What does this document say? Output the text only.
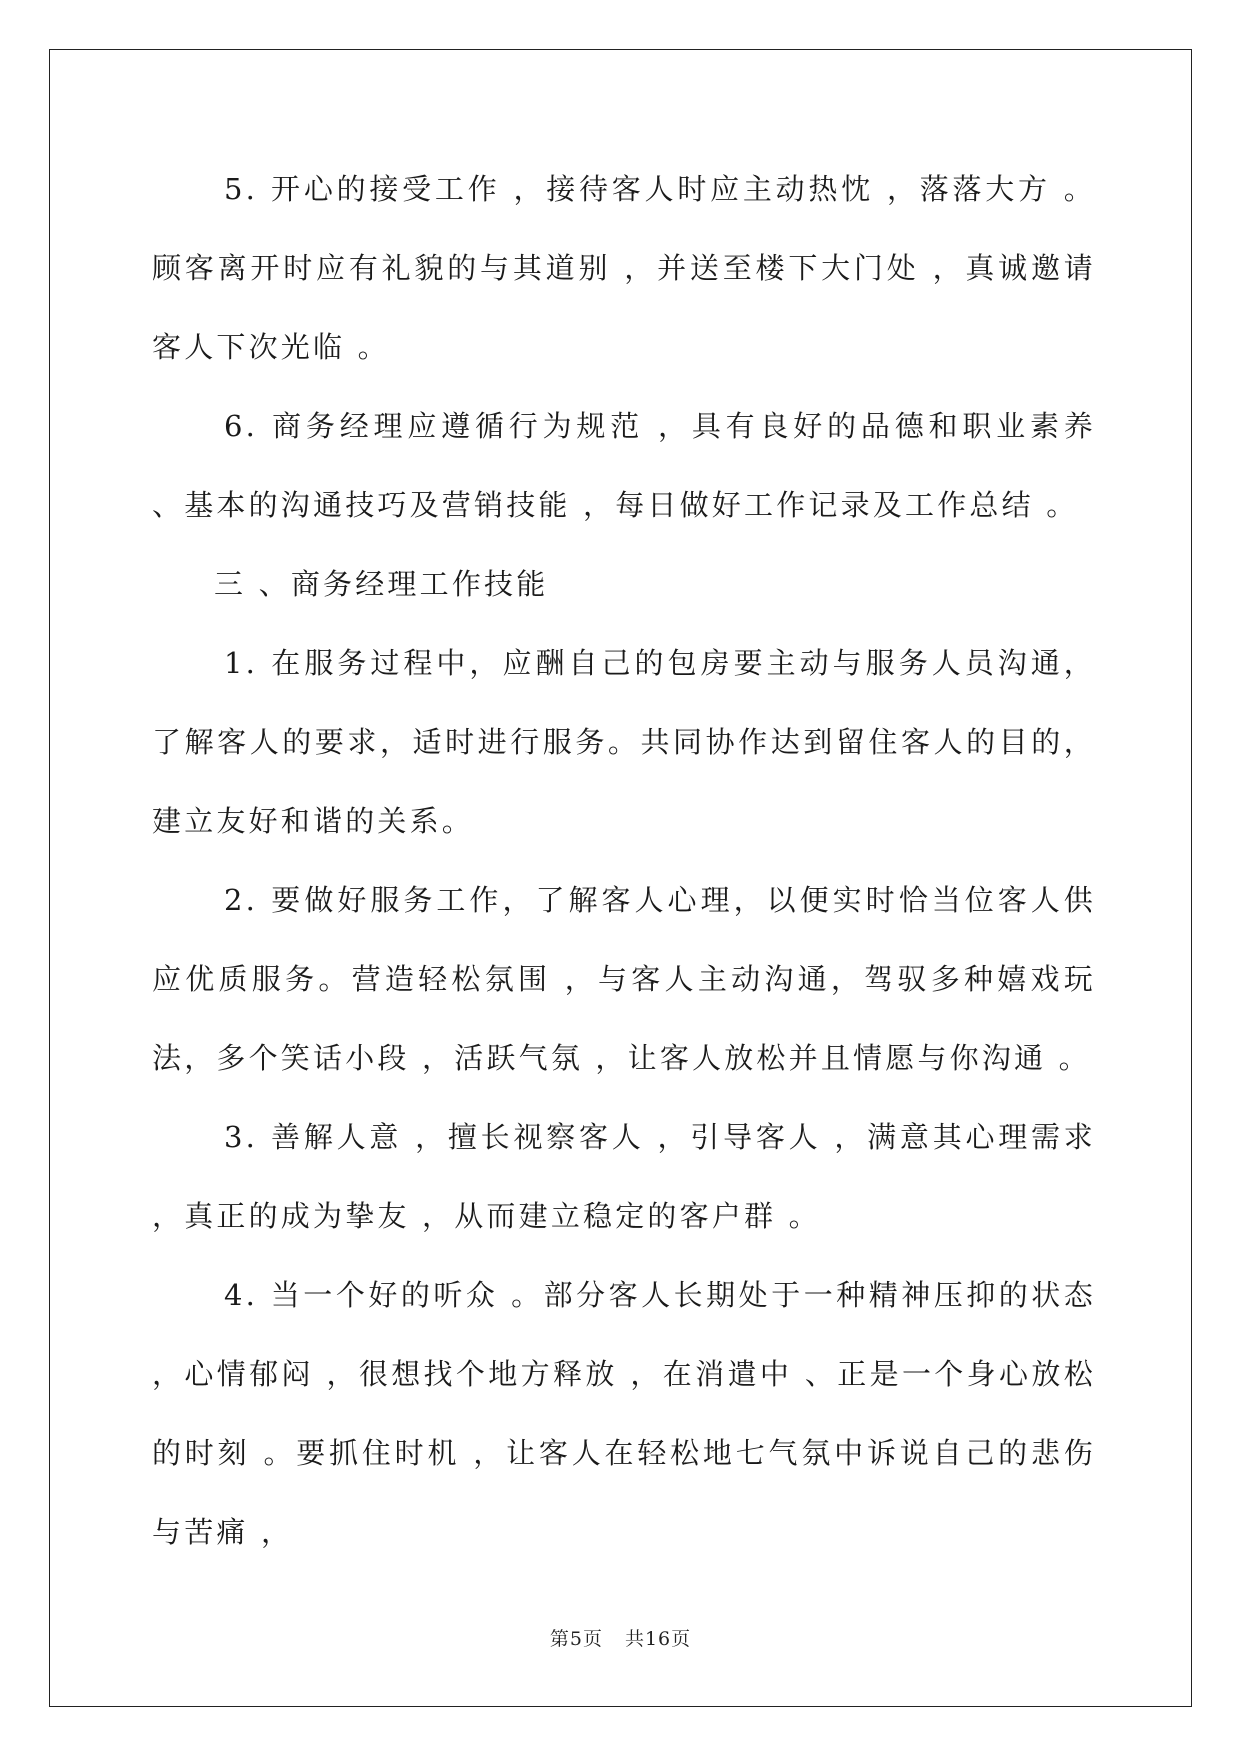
5. 开心的接受工作 ，接待客人时应主动热忱 ，落落大方 。顾客离开时应有礼貌的与其道别 ，并送至楼下大门处 ，真诚邀请客人下次光临 。

6. 商务经理应遵循行为规范 ，具有良好的品德和职业素养 、基本的沟通技巧及营销技能 ，每日做好工作记录及工作总结 。

三 、商务经理工作技能

1. 在服务过程中，应酬自己的包房要主动与服务人员沟通，了解客人的要求，适时进行服务。共同协作达到留住客人的目的，建立友好和谐的关系。

2. 要做好服务工作，了解客人心理，以便实时恰当位客人供应优质服务。营造轻松氛围 ，与客人主动沟通，驾驭多种嬉戏玩法，多个笑话小段 ，活跃气氛 ，让客人放松并且情愿与你沟通 。

3. 善解人意 ，擅长视察客人 ，引导客人 ，满意其心理需求 ，真正的成为挚友 ，从而建立稳定的客户群 。

4. 当一个好的听众 。部分客人长期处于一种精神压抑的状态 ，心情郁闷 ，很想找个地方释放 ，在消遣中 、正是一个身心放松的时刻 。要抓住时机 ，让客人在轻松地七气氛中诉说自己的悲伤与苦痛 ，

第5页 共16页
